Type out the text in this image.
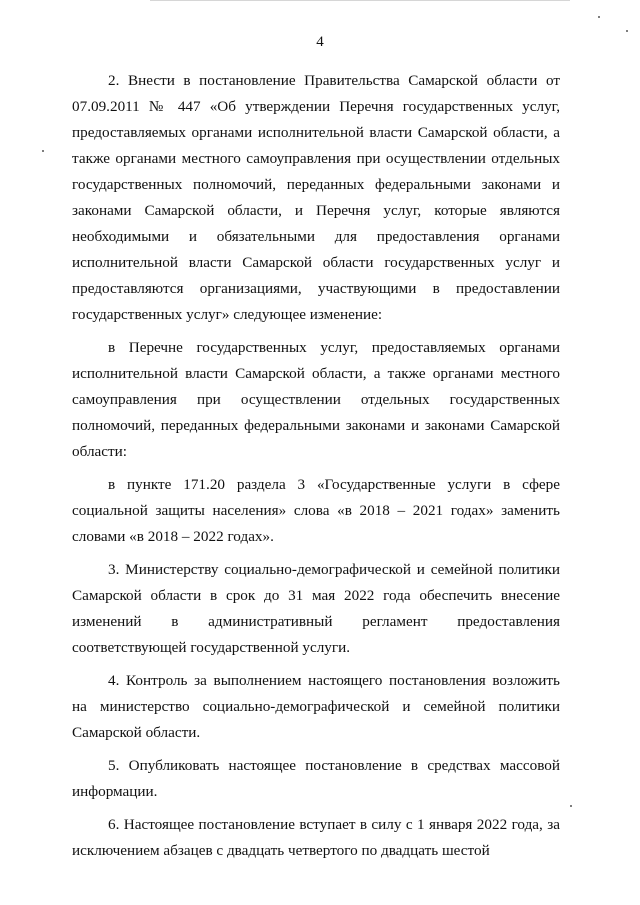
4

2. Внести в постановление Правительства Самарской области от 07.09.2011 № 447 «Об утверждении Перечня государственных услуг, предоставляемых органами исполнительной власти Самарской области, а также органами местного самоуправления при осуществлении отдельных государственных полномочий, переданных федеральными законами и законами Самарской области, и Перечня услуг, которые являются необходимыми и обязательными для предоставления органами исполнительной власти Самарской области государственных услуг и предоставляются организациями, участвующими в предоставлении государственных услуг» следующее изменение:

в Перечне государственных услуг, предоставляемых органами исполнительной власти Самарской области, а также органами местного самоуправления при осуществлении отдельных государственных полномочий, переданных федеральными законами и законами Самарской области:

в пункте 171.20 раздела 3 «Государственные услуги в сфере социальной защиты населения» слова «в 2018 – 2021 годах» заменить словами «в 2018 – 2022 годах».

3. Министерству социально-демографической и семейной политики Самарской области в срок до 31 мая 2022 года обеспечить внесение изменений в административный регламент предоставления соответствующей государственной услуги.

4. Контроль за выполнением настоящего постановления возложить на министерство социально-демографической и семейной политики Самарской области.

5. Опубликовать настоящее постановление в средствах массовой информации.

6. Настоящее постановление вступает в силу с 1 января 2022 года, за исключением абзацев с двадцать четвертого по двадцать шестой
